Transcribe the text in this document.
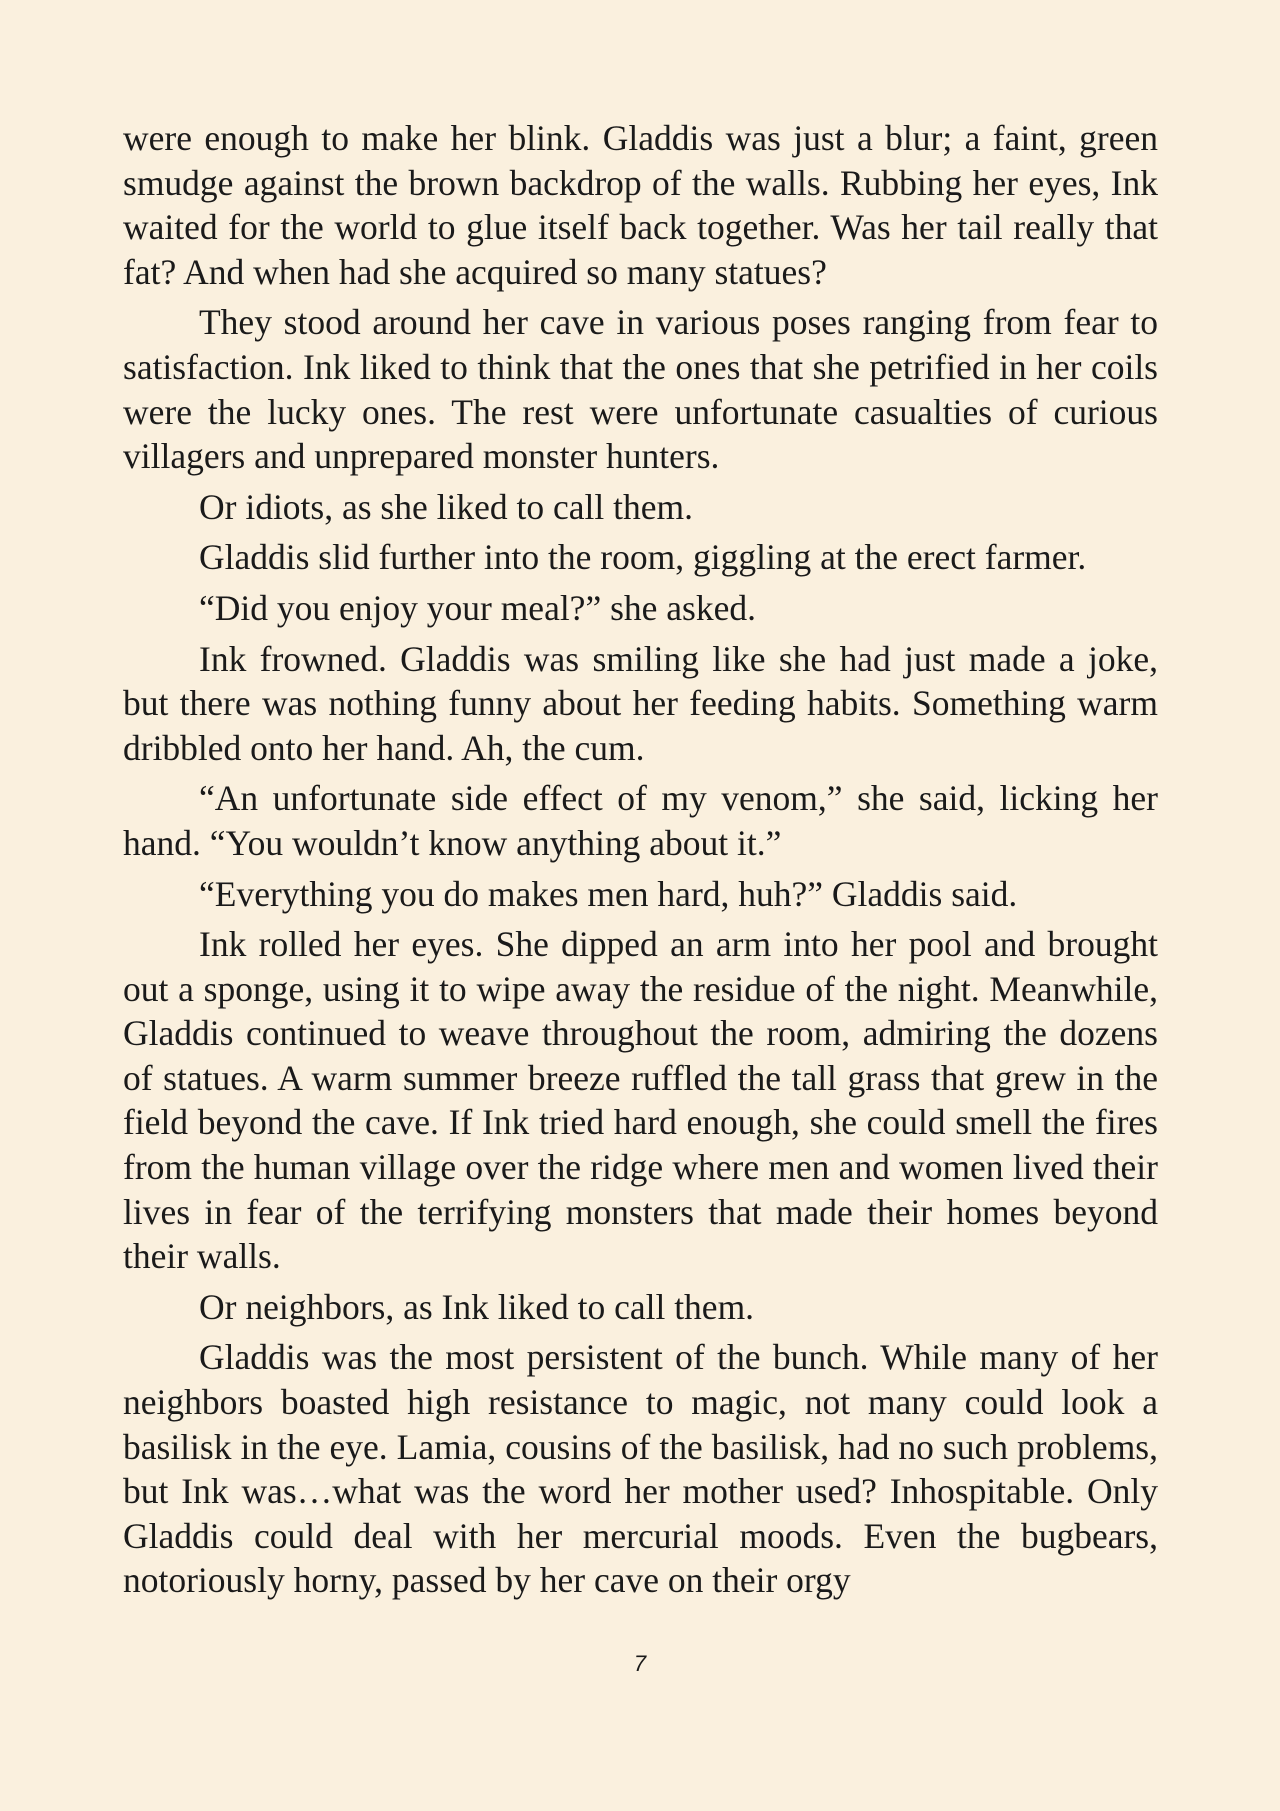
were enough to make her blink. Gladdis was just a blur; a faint, green smudge against the brown backdrop of the walls. Rubbing her eyes, Ink waited for the world to glue itself back together. Was her tail really that fat? And when had she acquired so many statues?

They stood around her cave in various poses ranging from fear to satisfaction. Ink liked to think that the ones that she petrified in her coils were the lucky ones. The rest were unfortunate casualties of curious villagers and unprepared monster hunters.

Or idiots, as she liked to call them.

Gladdis slid further into the room, giggling at the erect farmer.

“Did you enjoy your meal?” she asked.

Ink frowned. Gladdis was smiling like she had just made a joke, but there was nothing funny about her feeding habits. Something warm dribbled onto her hand. Ah, the cum.

“An unfortunate side effect of my venom,” she said, licking her hand. “You wouldn’t know anything about it.”

“Everything you do makes men hard, huh?” Gladdis said.

Ink rolled her eyes. She dipped an arm into her pool and brought out a sponge, using it to wipe away the residue of the night. Meanwhile, Gladdis continued to weave throughout the room, admiring the dozens of statues. A warm summer breeze ruffled the tall grass that grew in the field beyond the cave. If Ink tried hard enough, she could smell the fires from the human village over the ridge where men and women lived their lives in fear of the terrifying monsters that made their homes beyond their walls.

Or neighbors, as Ink liked to call them.

Gladdis was the most persistent of the bunch. While many of her neighbors boasted high resistance to magic, not many could look a basilisk in the eye. Lamia, cousins of the basilisk, had no such problems, but Ink was…what was the word her mother used? Inhospitable. Only Gladdis could deal with her mercurial moods. Even the bugbears, notoriously horny, passed by her cave on their orgy

7
